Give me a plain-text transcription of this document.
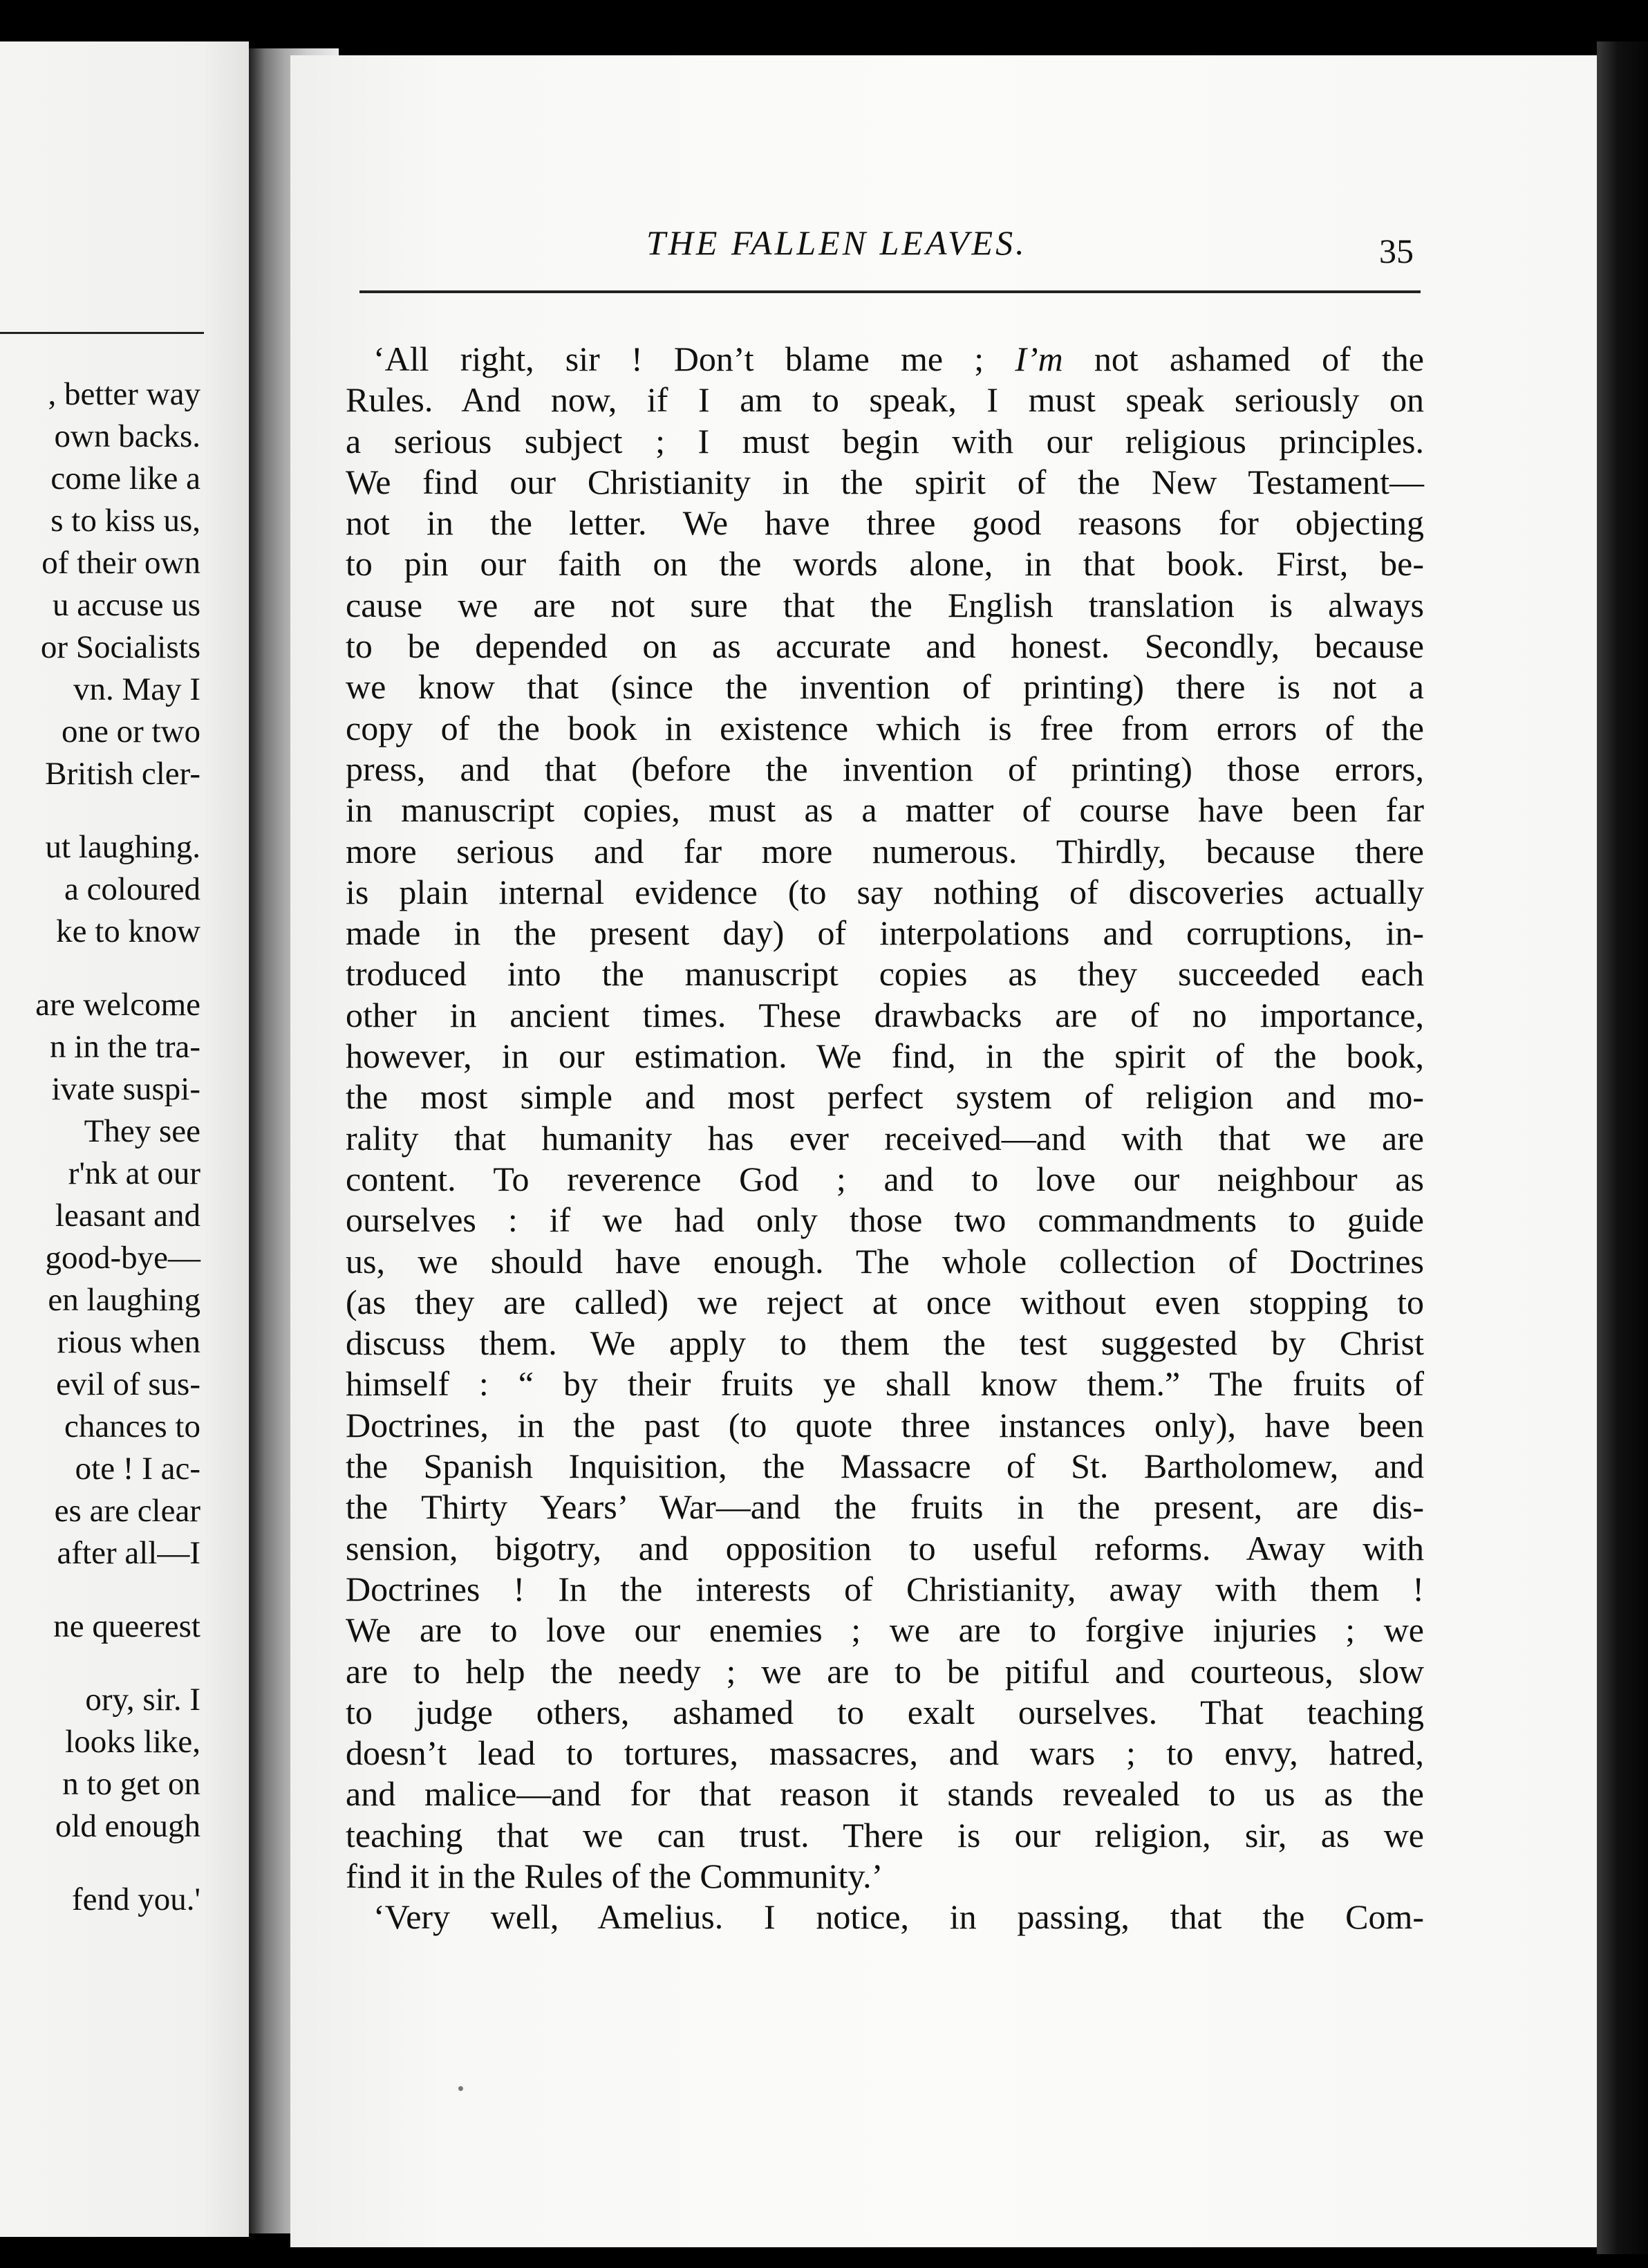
, better way
own backs.
come like a
s to kiss us,
of their own
u accuse us
or Socialists
vn. May I
one or two
British cler-
ut laughing.
a coloured
ke to know
are welcome
n in the tra-
ivate suspi-
They see
r'nk at our
leasant and
good-bye—
en laughing
rious when
evil of sus-
chances to
ote ! I ac-
es are clear
after all—I
ne queerest
ory, sir. I
looks like,
n to get on
old enough
fend you.'
THE FALLEN LEAVES.	35
‘All right, sir ! Don’t blame me ; I’m not ashamed of the
Rules. And now, if I am to speak, I must speak seriously on
a serious subject ; I must begin with our religious principles.
We find our Christianity in the spirit of the New Testament—
not in the letter. We have three good reasons for objecting
to pin our faith on the words alone, in that book. First, be-
cause we are not sure that the English translation is always
to be depended on as accurate and honest. Secondly, because
we know that (since the invention of printing) there is not a
copy of the book in existence which is free from errors of the
press, and that (before the invention of printing) those errors,
in manuscript copies, must as a matter of course have been far
more serious and far more numerous. Thirdly, because there
is plain internal evidence (to say nothing of discoveries actually
made in the present day) of interpolations and corruptions, in-
troduced into the manuscript copies as they succeeded each
other in ancient times. These drawbacks are of no importance,
however, in our estimation. We find, in the spirit of the book,
the most simple and most perfect system of religion and mo-
rality that humanity has ever received—and with that we are
content. To reverence God ; and to love our neighbour as
ourselves : if we had only those two commandments to guide
us, we should have enough. The whole collection of Doctrines
(as they are called) we reject at once without even stopping to
discuss them. We apply to them the test suggested by Christ
himself : “ by their fruits ye shall know them.” The fruits of
Doctrines, in the past (to quote three instances only), have been
the Spanish Inquisition, the Massacre of St. Bartholomew, and
the Thirty Years’ War—and the fruits in the present, are dis-
sension, bigotry, and opposition to useful reforms. Away with
Doctrines ! In the interests of Christianity, away with them !
We are to love our enemies ; we are to forgive injuries ; we
are to help the needy ; we are to be pitiful and courteous, slow
to judge others, ashamed to exalt ourselves. That teaching
doesn’t lead to tortures, massacres, and wars ; to envy, hatred,
and malice—and for that reason it stands revealed to us as the
teaching that we can trust. There is our religion, sir, as we
find it in the Rules of the Community.’
‘Very well, Amelius. I notice, in passing, that the Com-
